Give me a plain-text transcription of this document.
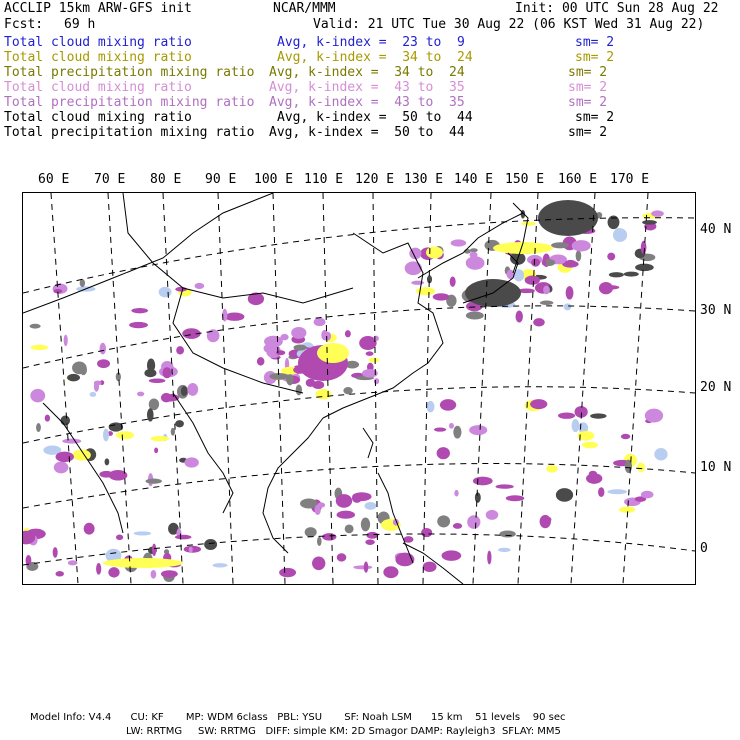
ACCLIP 15km ARW-GFS init	NCAR/MMM	Init: 00 UTC Sun 28 Aug 22
Fcst: 69 h	Valid: 21 UTC Tue 30 Aug 22 (06 KST Wed 31 Aug 22)
Total cloud mixing ratio	Avg, k-index =  23 to  9	sm= 2
Total cloud mixing ratio	Avg, k-index =  34 to  24	sm= 2
Total precipitation mixing ratio Avg, k-index =  34 to  24	sm= 2
Total cloud mixing ratio	Avg, k-index =  43 to  35	sm= 2
Total precipitation mixing ratio Avg, k-index =  43 to  35	sm= 2
Total cloud mixing ratio	Avg, k-index =  50 to  44	sm= 2
Total precipitation mixing ratio Avg, k-index =  50 to  44	sm= 2
60 E 70 E 80 E 90 E 100 E 110 E 120 E 130 E 140 E 150 E 160 E 170 E
40 N
30 N
20 N
10 N
0
Model Info: V4.4      CU: KF       MP: WDM 6class   PBL: YSU       SF: Noah LSM      15 km    51 levels    90 sec
LW: RRTMG     SW: RRTMG   DIFF: simple KM: 2D Smagor DAMP: Rayleigh3  SFLAY: MM5
